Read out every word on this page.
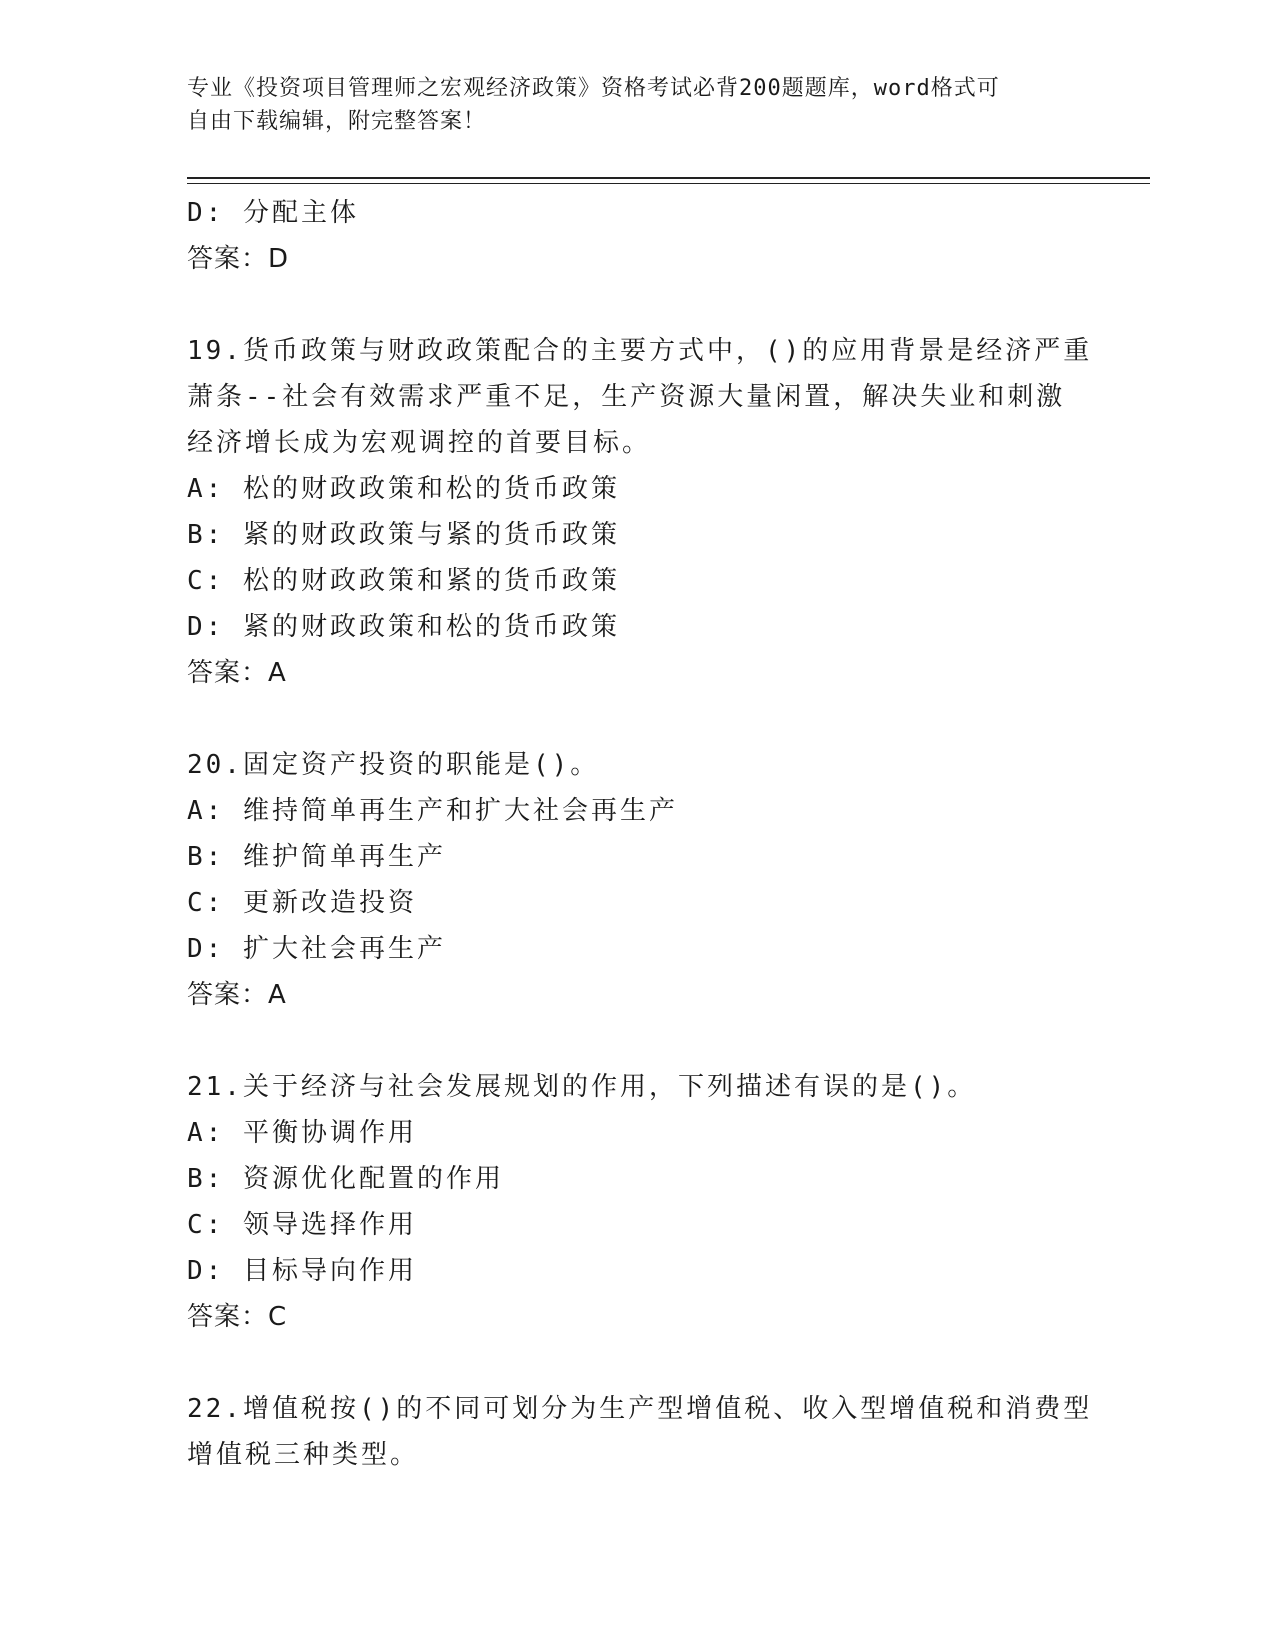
专业《投资项目管理师之宏观经济政策》资格考试必背200题题库，word格式可
自由下载编辑，附完整答案！
D: 分配主体
答案：D
19.货币政策与财政政策配合的主要方式中，()的应用背景是经济严重
萧条--社会有效需求严重不足，生产资源大量闲置，解决失业和刺激
经济增长成为宏观调控的首要目标。
A: 松的财政政策和松的货币政策
B: 紧的财政政策与紧的货币政策
C: 松的财政政策和紧的货币政策
D: 紧的财政政策和松的货币政策
答案：A
20.固定资产投资的职能是()。
A: 维持简单再生产和扩大社会再生产
B: 维护简单再生产
C: 更新改造投资
D: 扩大社会再生产
答案：A
21.关于经济与社会发展规划的作用，下列描述有误的是()。
A: 平衡协调作用
B: 资源优化配置的作用
C: 领导选择作用
D: 目标导向作用
答案：C
22.增值税按()的不同可划分为生产型增值税、收入型增值税和消费型
增值税三种类型。
